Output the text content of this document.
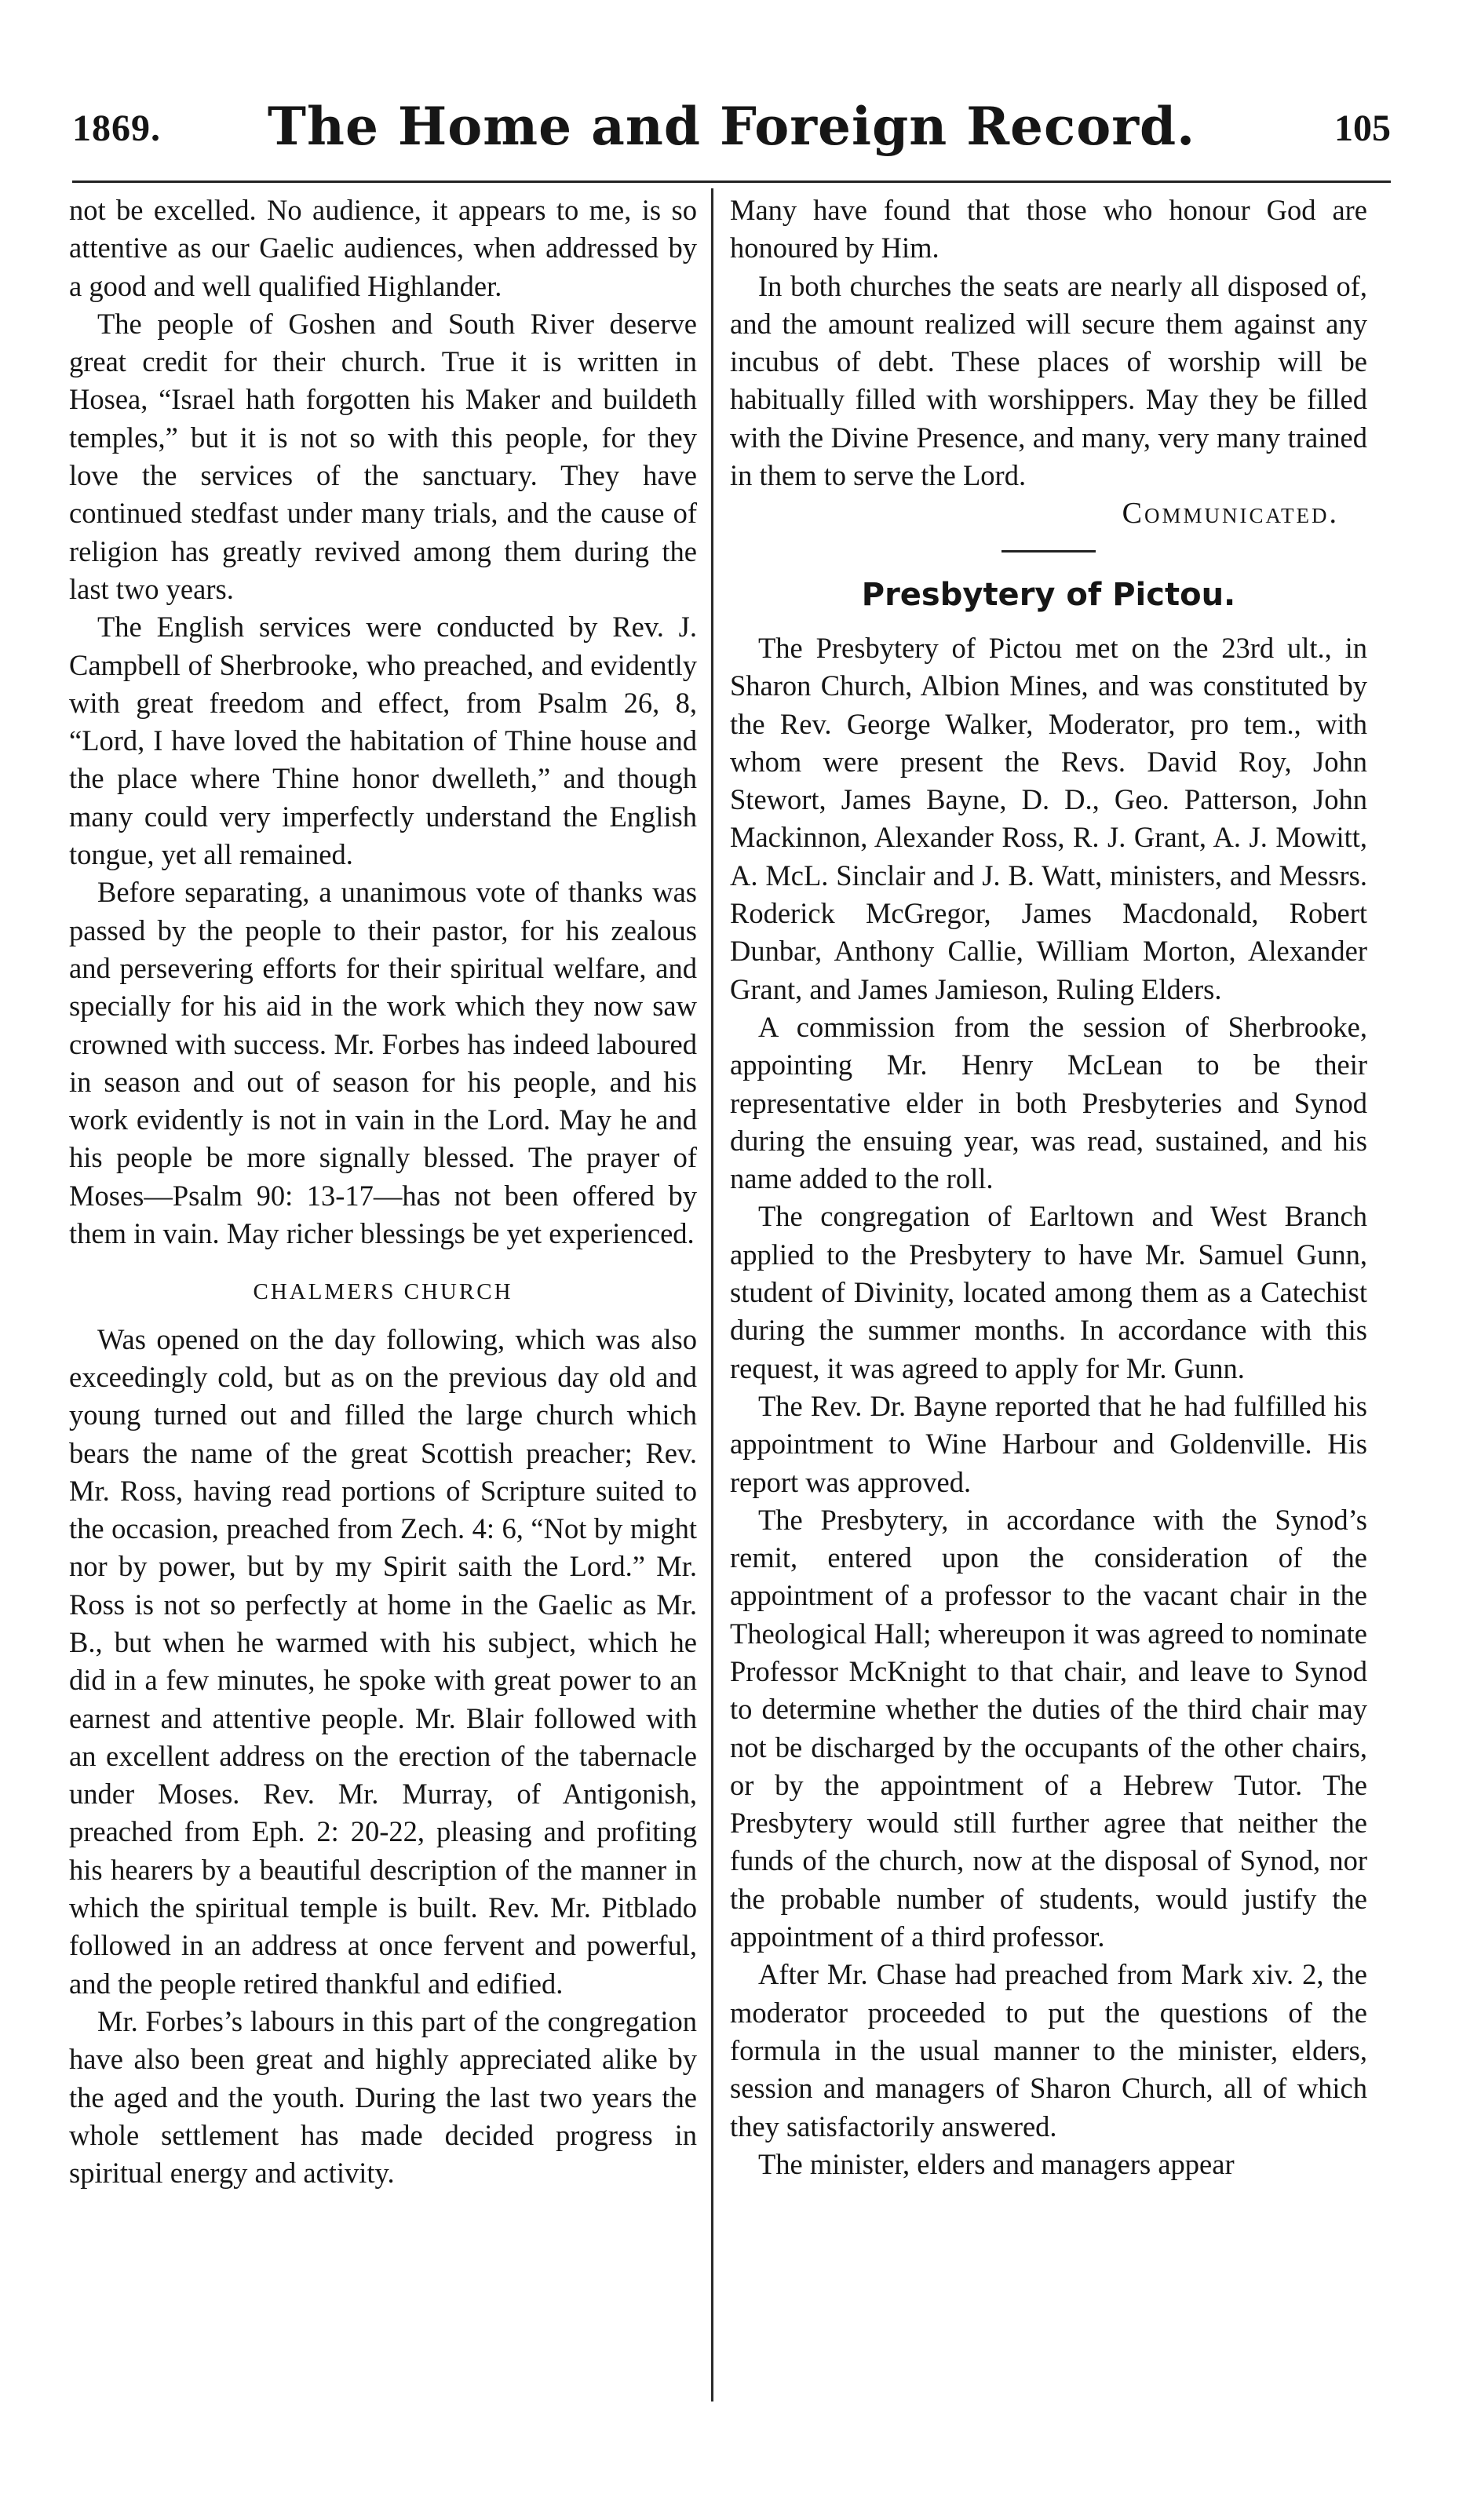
1869.	The Home and Foreign Record.	105

not be excelled. No audience, it appears to me, is so attentive as our Gaelic audiences, when addressed by a good and well qualified Highlander.

The people of Goshen and South River deserve great credit for their church. True it is written in Hosea, “Israel hath forgotten his Maker and buildeth temples,” but it is not so with this people, for they love the services of the sanctuary. They have continued stedfast under many trials, and the cause of religion has greatly revived among them during the last two years.

The English services were conducted by Rev. J. Campbell of Sherbrooke, who preached, and evidently with great freedom and effect, from Psalm 26, 8, “Lord, I have loved the habitation of Thine house and the place where Thine honor dwelleth,” and though many could very imperfectly understand the English tongue, yet all remained.

Before separating, a unanimous vote of thanks was passed by the people to their pastor, for his zealous and persevering efforts for their spiritual welfare, and specially for his aid in the work which they now saw crowned with success. Mr. Forbes has indeed laboured in season and out of season for his people, and his work evidently is not in vain in the Lord. May he and his people be more signally blessed. The prayer of Moses—Psalm 90: 13-17—has not been offered by them in vain. May richer blessings be yet experienced.

CHALMERS CHURCH

Was opened on the day following, which was also exceedingly cold, but as on the previous day old and young turned out and filled the large church which bears the name of the great Scottish preacher; Rev. Mr. Ross, having read portions of Scripture suited to the occasion, preached from Zech. 4: 6, “Not by might nor by power, but by my Spirit saith the Lord.” Mr. Ross is not so perfectly at home in the Gaelic as Mr. B., but when he warmed with his subject, which he did in a few minutes, he spoke with great power to an earnest and attentive people. Mr. Blair followed with an excellent address on the erection of the tabernacle under Moses. Rev. Mr. Murray, of Antigonish, preached from Eph. 2: 20-22, pleasing and profiting his hearers by a beautiful description of the manner in which the spiritual temple is built. Rev. Mr. Pitblado followed in an address at once fervent and powerful, and the people retired thankful and edified.

Mr. Forbes’s labours in this part of the congregation have also been great and highly appreciated alike by the aged and the youth. During the last two years the whole settlement has made decided progress in spiritual energy and activity.

Many have found that those who honour God are honoured by Him.

In both churches the seats are nearly all disposed of, and the amount realized will secure them against any incubus of debt. These places of worship will be habitually filled with worshippers. May they be filled with the Divine Presence, and many, very many trained in them to serve the Lord.

Communicated.
Presbytery of Pictou.

The Presbytery of Pictou met on the 23rd ult., in Sharon Church, Albion Mines, and was constituted by the Rev. George Walker, Moderator, pro tem., with whom were present the Revs. David Roy, John Stewort, James Bayne, D. D., Geo. Patterson, John Mackinnon, Alexander Ross, R. J. Grant, A. J. Mowitt, A. McL. Sinclair and J. B. Watt, ministers, and Messrs. Roderick McGregor, James Macdonald, Robert Dunbar, Anthony Callie, William Morton, Alexander Grant, and James Jamieson, Ruling Elders.

A commission from the session of Sherbrooke, appointing Mr. Henry McLean to be their representative elder in both Presbyteries and Synod during the ensuing year, was read, sustained, and his name added to the roll.

The congregation of Earltown and West Branch applied to the Presbytery to have Mr. Samuel Gunn, student of Divinity, located among them as a Catechist during the summer months. In accordance with this request, it was agreed to apply for Mr. Gunn.

The Rev. Dr. Bayne reported that he had fulfilled his appointment to Wine Harbour and Goldenville. His report was approved.

The Presbytery, in accordance with the Synod’s remit, entered upon the consideration of the appointment of a professor to the vacant chair in the Theological Hall; whereupon it was agreed to nominate Professor McKnight to that chair, and leave to Synod to determine whether the duties of the third chair may not be discharged by the occupants of the other chairs, or by the appointment of a Hebrew Tutor. The Presbytery would still further agree that neither the funds of the church, now at the disposal of Synod, nor the probable number of students, would justify the appointment of a third professor.

After Mr. Chase had preached from Mark xiv. 2, the moderator proceeded to put the questions of the formula in the usual manner to the minister, elders, session and managers of Sharon Church, all of which they satisfactorily answered.

The minister, elders and managers appear
